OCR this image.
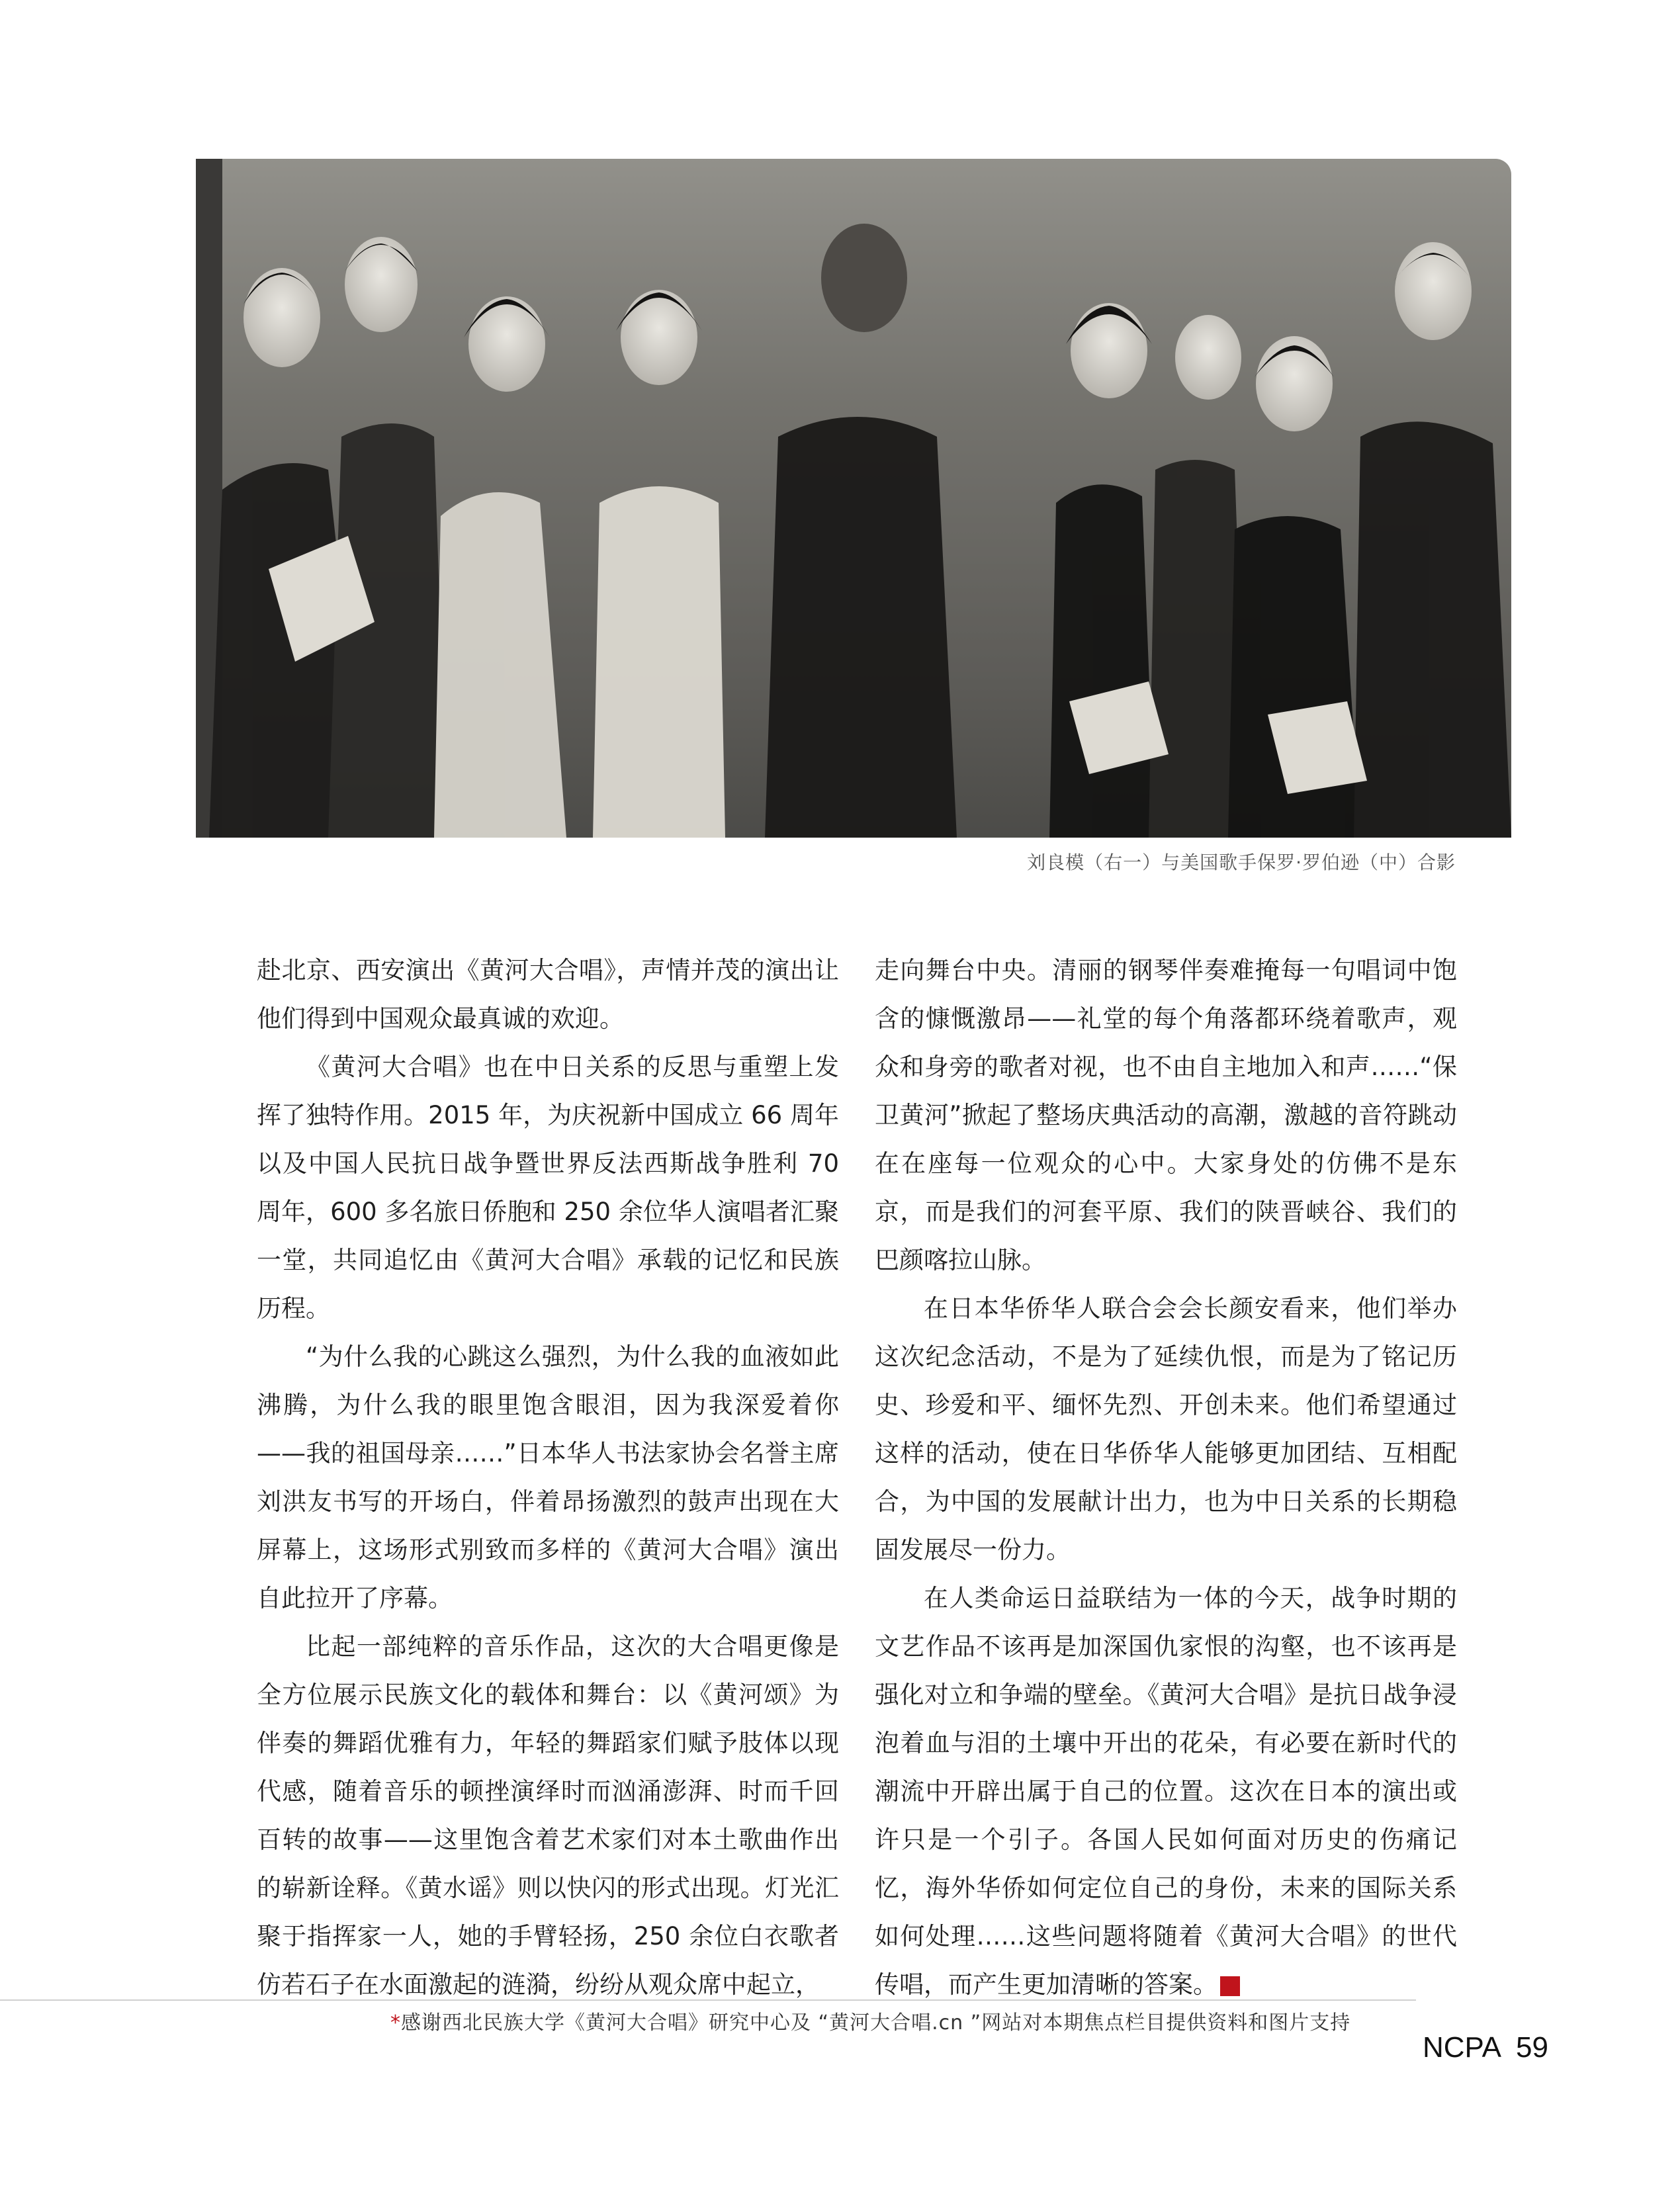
刘良模（右一）与美国歌手保罗·罗伯逊（中）合影

赴北京、西安演出《黄河大合唱》，声情并茂的演出让他们得到中国观众最真诚的欢迎。

《黄河大合唱》也在中日关系的反思与重塑上发挥了独特作用。2015 年，为庆祝新中国成立 66 周年以及中国人民抗日战争暨世界反法西斯战争胜利 70 周年，600 多名旅日侨胞和 250 余位华人演唱者汇聚一堂，共同追忆由《黄河大合唱》承载的记忆和民族历程。

“为什么我的心跳这么强烈，为什么我的血液如此沸腾，为什么我的眼里饱含眼泪，因为我深爱着你——我的祖国母亲……”日本华人书法家协会名誉主席刘洪友书写的开场白，伴着昂扬激烈的鼓声出现在大屏幕上，这场形式别致而多样的《黄河大合唱》演出自此拉开了序幕。

比起一部纯粹的音乐作品，这次的大合唱更像是全方位展示民族文化的载体和舞台：以《黄河颂》为伴奏的舞蹈优雅有力，年轻的舞蹈家们赋予肢体以现代感，随着音乐的顿挫演绎时而汹涌澎湃、时而千回百转的故事——这里饱含着艺术家们对本土歌曲作出的崭新诠释。《黄水谣》则以快闪的形式出现。灯光汇聚于指挥家一人，她的手臂轻扬，250 余位白衣歌者仿若石子在水面激起的涟漪，纷纷从观众席中起立，

走向舞台中央。清丽的钢琴伴奏难掩每一句唱词中饱含的慷慨激昂——礼堂的每个角落都环绕着歌声，观众和身旁的歌者对视，也不由自主地加入和声……“保卫黄河”掀起了整场庆典活动的高潮，激越的音符跳动在在座每一位观众的心中。大家身处的仿佛不是东京，而是我们的河套平原、我们的陕晋峡谷、我们的巴颜喀拉山脉。

在日本华侨华人联合会会长颜安看来，他们举办这次纪念活动，不是为了延续仇恨，而是为了铭记历史、珍爱和平、缅怀先烈、开创未来。他们希望通过这样的活动，使在日华侨华人能够更加团结、互相配合，为中国的发展献计出力，也为中日关系的长期稳固发展尽一份力。

在人类命运日益联结为一体的今天，战争时期的文艺作品不该再是加深国仇家恨的沟壑，也不该再是强化对立和争端的壁垒。《黄河大合唱》是抗日战争浸泡着血与泪的土壤中开出的花朵，有必要在新时代的潮流中开辟出属于自己的位置。这次在日本的演出或许只是一个引子。各国人民如何面对历史的伤痛记忆，海外华侨如何定位自己的身份，未来的国际关系如何处理……这些问题将随着《黄河大合唱》的世代传唱，而产生更加清晰的答案。	NCPA

*感谢西北民族大学《黄河大合唱》研究中心及 “黄河大合唱.cn ”网站对本期焦点栏目提供资料和图片支持
NCPA 59
